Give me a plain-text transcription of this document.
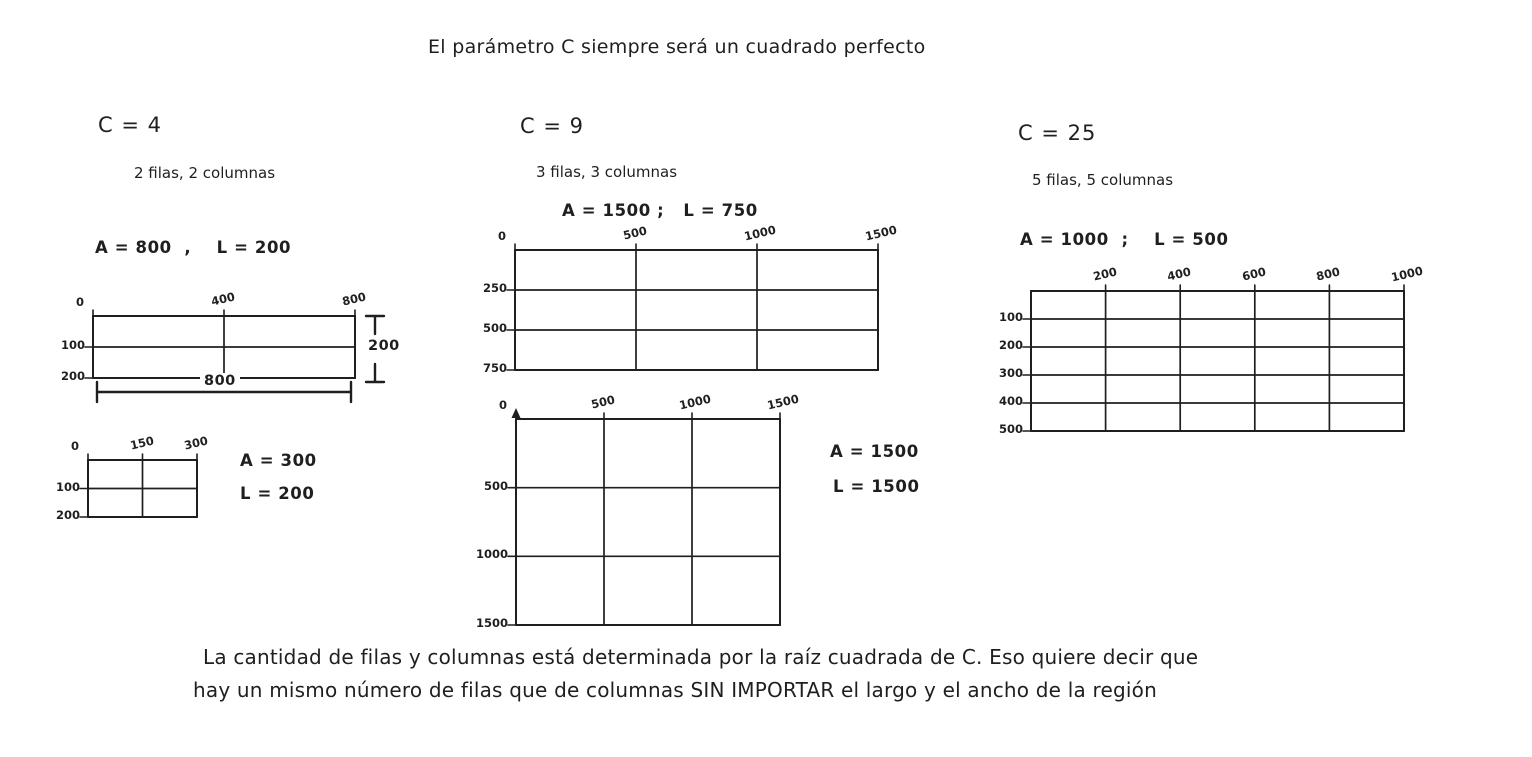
El parámetro C siempre será un cuadrado perfecto
C = 4
2 filas, 2 columnas
A = 800  ,    L = 200
0	400	800
100
200
200
800
0	150 300
100
200
A = 300
L = 200
C = 9
3 filas, 3 columnas
A = 1500 ;   L = 750
0	500	1000	1500
250
500
750
0	500	1000	1500
500
1000
1500
A = 1500
L = 1500
C = 25
5 filas, 5 columnas
A = 1000  ;    L = 500
200	400	600	800	1000
100
200
300
400
500
La cantidad de filas y columnas está determinada por la raíz cuadrada de C. Eso quiere decir que
hay un mismo número de filas que de columnas SIN IMPORTAR el largo y el ancho de la región
